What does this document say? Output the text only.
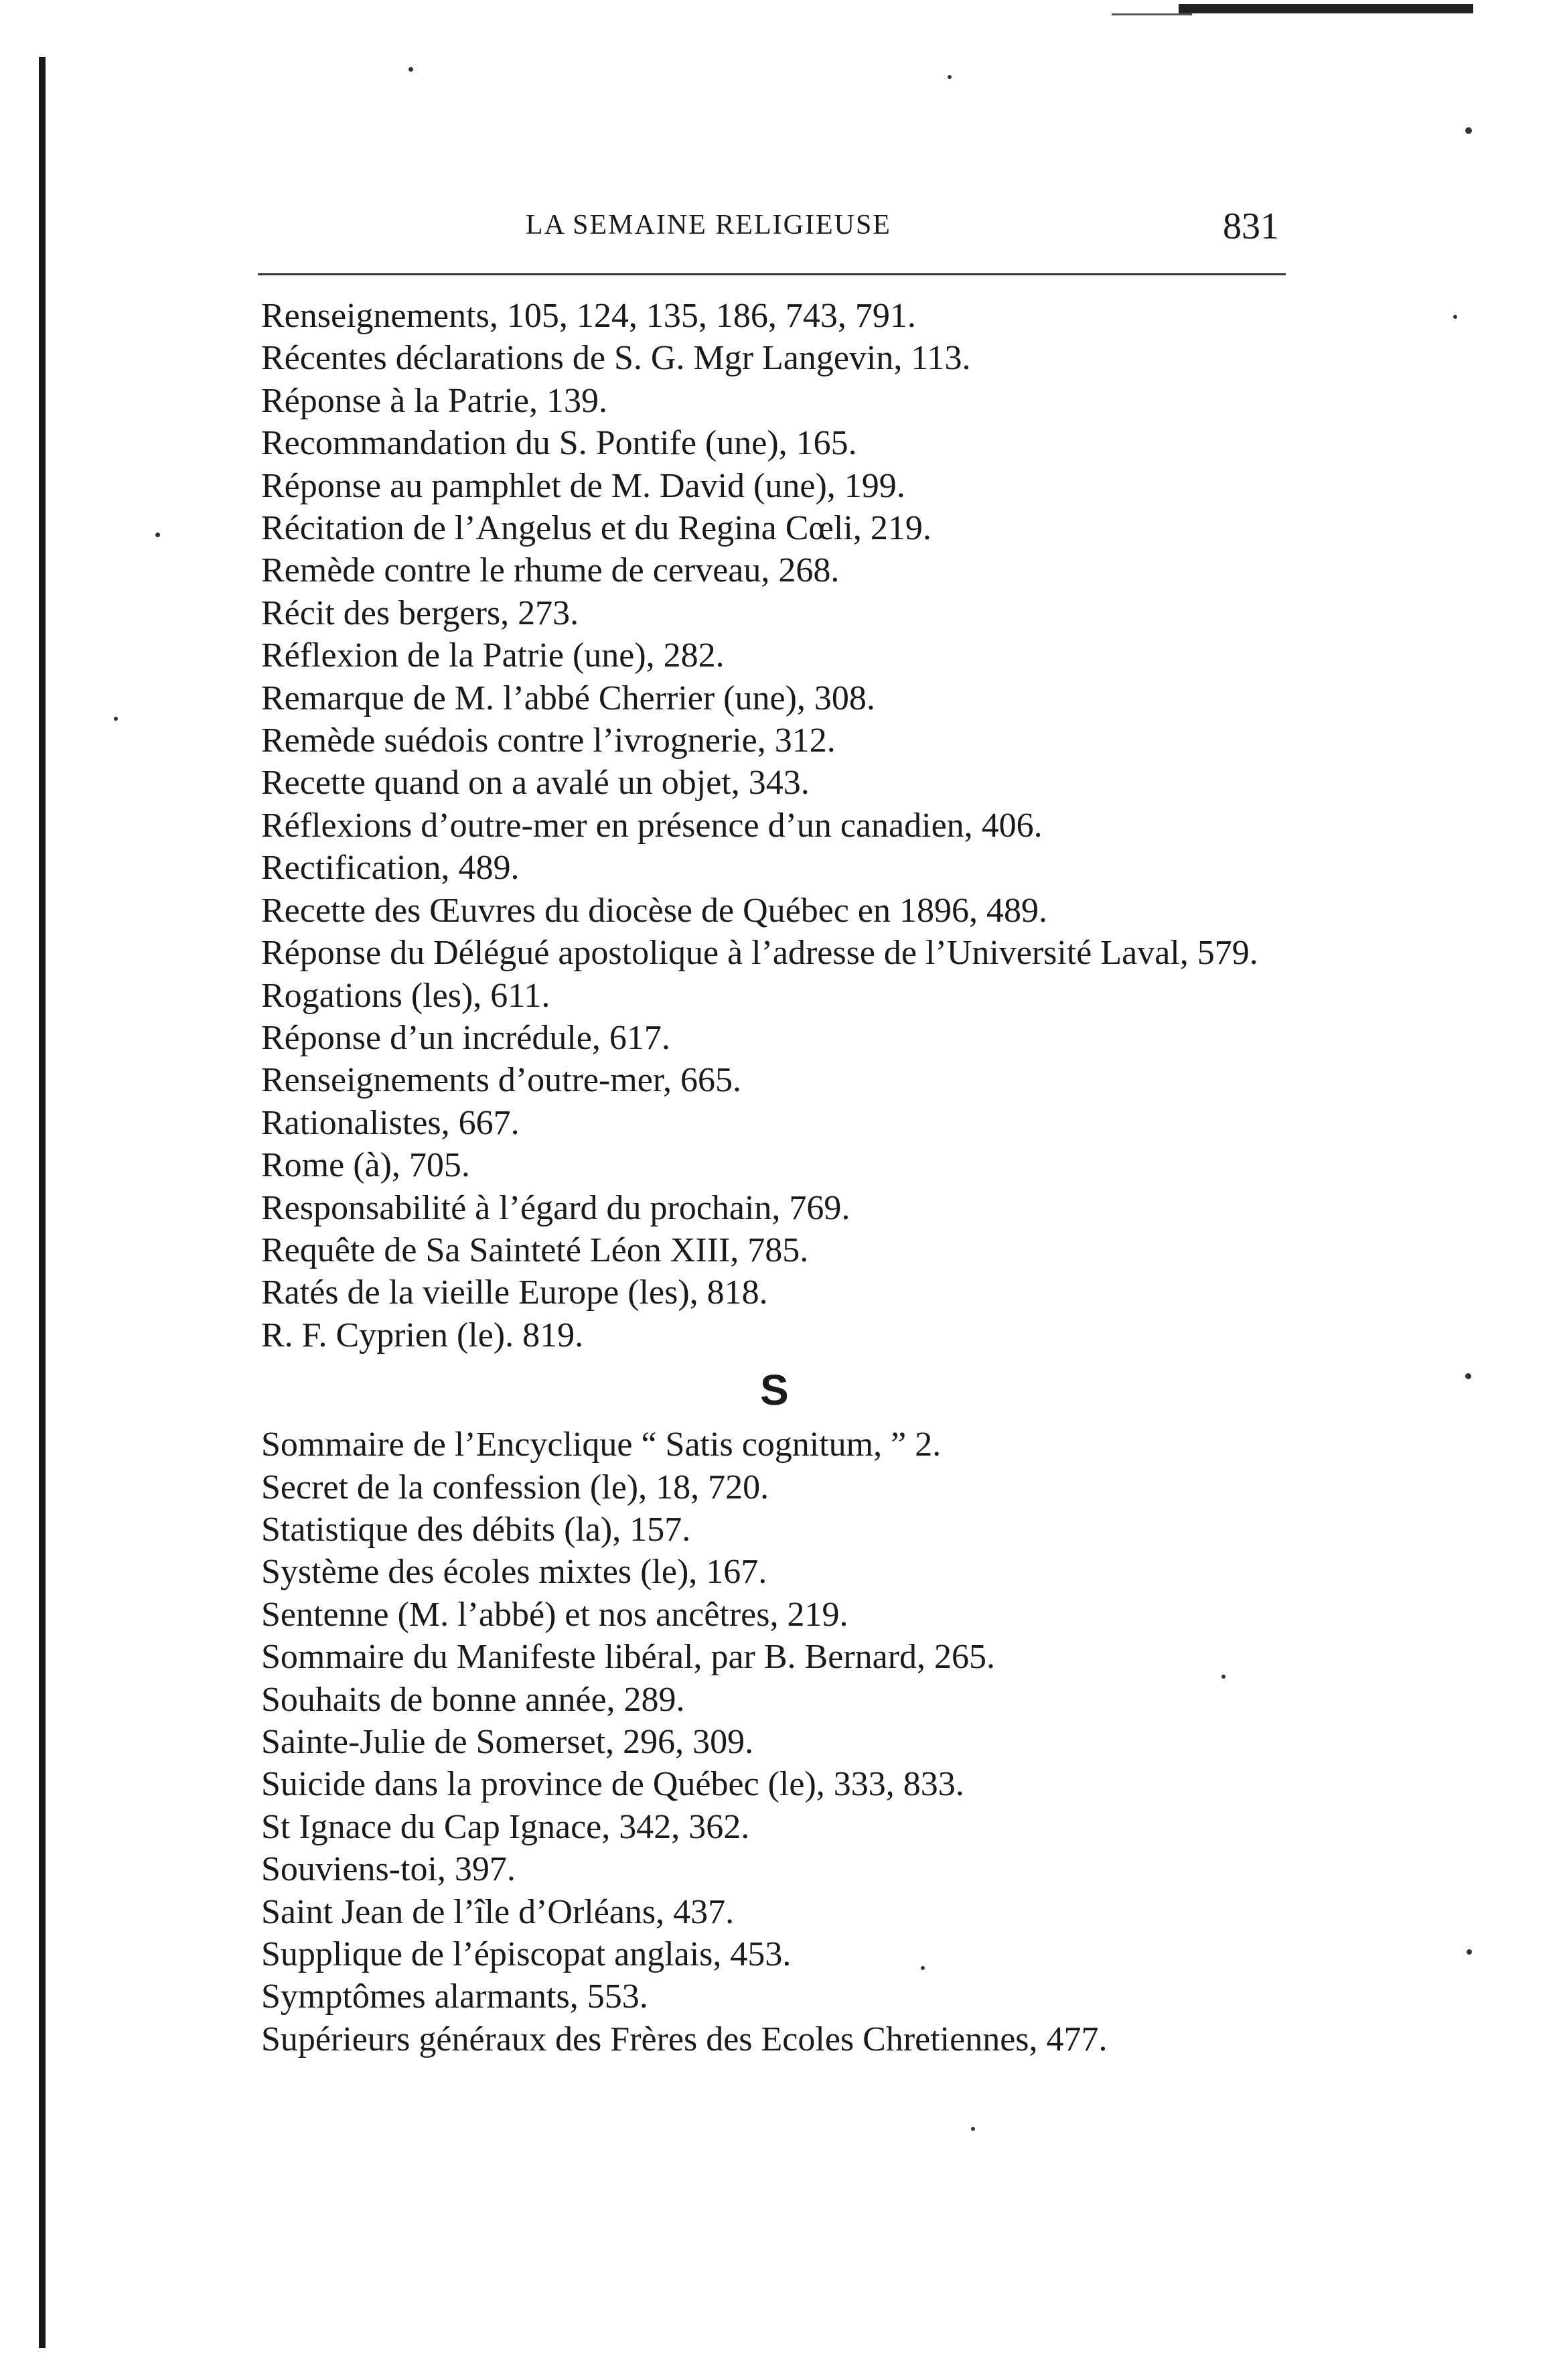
LA SEMAINE RELIGIEUSE	831
Renseignements, 105, 124, 135, 186, 743, 791.
Récentes déclarations de S. G. Mgr Langevin, 113.
Réponse à la Patrie, 139.
Recommandation du S. Pontife (une), 165.
Réponse au pamphlet de M. David (une), 199.
Récitation de l’Angelus et du Regina Cœli, 219.
Remède contre le rhume de cerveau, 268.
Récit des bergers, 273.
Réflexion de la Patrie (une), 282.
Remarque de M. l’abbé Cherrier (une), 308.
Remède suédois contre l’ivrognerie, 312.
Recette quand on a avalé un objet, 343.
Réflexions d’outre-mer en présence d’un canadien, 406.
Rectification, 489.
Recette des Œuvres du diocèse de Québec en 1896, 489.
Réponse du Délégué apostolique à l’adresse de l’Université Laval, 579.
Rogations (les), 611.
Réponse d’un incrédule, 617.
Renseignements d’outre-mer, 665.
Rationalistes, 667.
Rome (à), 705.
Responsabilité à l’égard du prochain, 769.
Requête de Sa Sainteté Léon XIII, 785.
Ratés de la vieille Europe (les), 818.
R. F. Cyprien (le). 819.
S
Sommaire de l’Encyclique “ Satis cognitum, ” 2.
Secret de la confession (le), 18, 720.
Statistique des débits (la), 157.
Système des écoles mixtes (le), 167.
Sentenne (M. l’abbé) et nos ancêtres, 219.
Sommaire du Manifeste libéral, par B. Bernard, 265.
Souhaits de bonne année, 289.
Sainte-Julie de Somerset, 296, 309.
Suicide dans la province de Québec (le), 333, 833.
St Ignace du Cap Ignace, 342, 362.
Souviens-toi, 397.
Saint Jean de l’île d’Orléans, 437.
Supplique de l’épiscopat anglais, 453.
Symptômes alarmants, 553.
Supérieurs généraux des Frères des Ecoles Chretiennes, 477.
